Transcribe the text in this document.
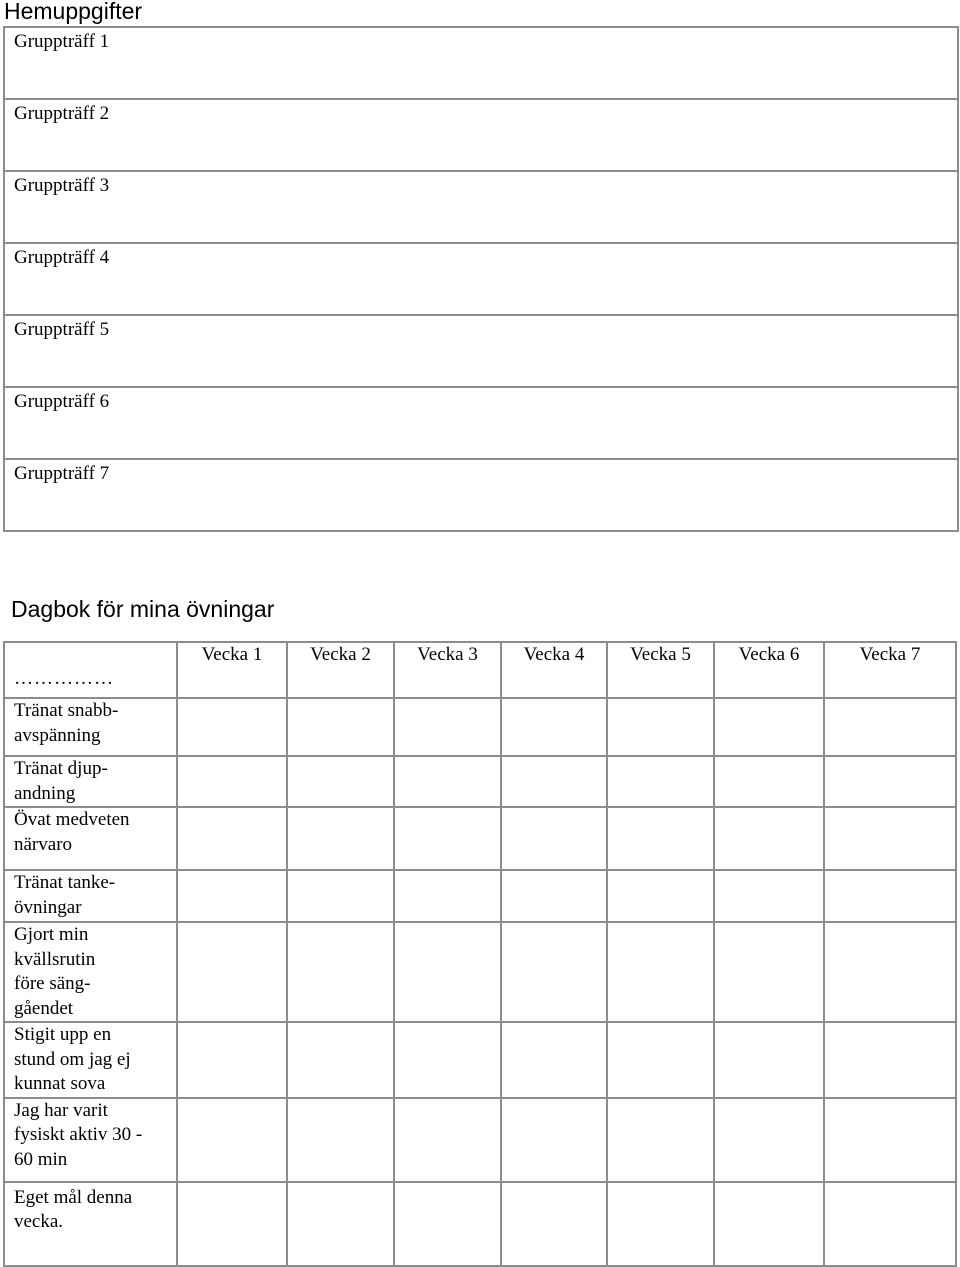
Hemuppgifter
Gruppträff 1

Gruppträff 2

Gruppträff 3

Gruppträff 4

Gruppträff 5

Gruppträff 6

Gruppträff 7
Dagbok för mina övningar
……………	Vecka 1	Vecka 2	Vecka 3	Vecka 4	Vecka 5	Vecka 6	Vecka 7

Tränat snabb-
avspänning							

Tränat djup-
andning							

Övat medveten
närvaro							

Tränat tanke-
övningar							

Gjort min
kvällsrutin
före säng-
gåendet							

Stigit upp en
stund om jag ej
kunnat sova							

Jag har varit
fysiskt aktiv 30 -
60 min							

Eget mål denna
vecka.							
